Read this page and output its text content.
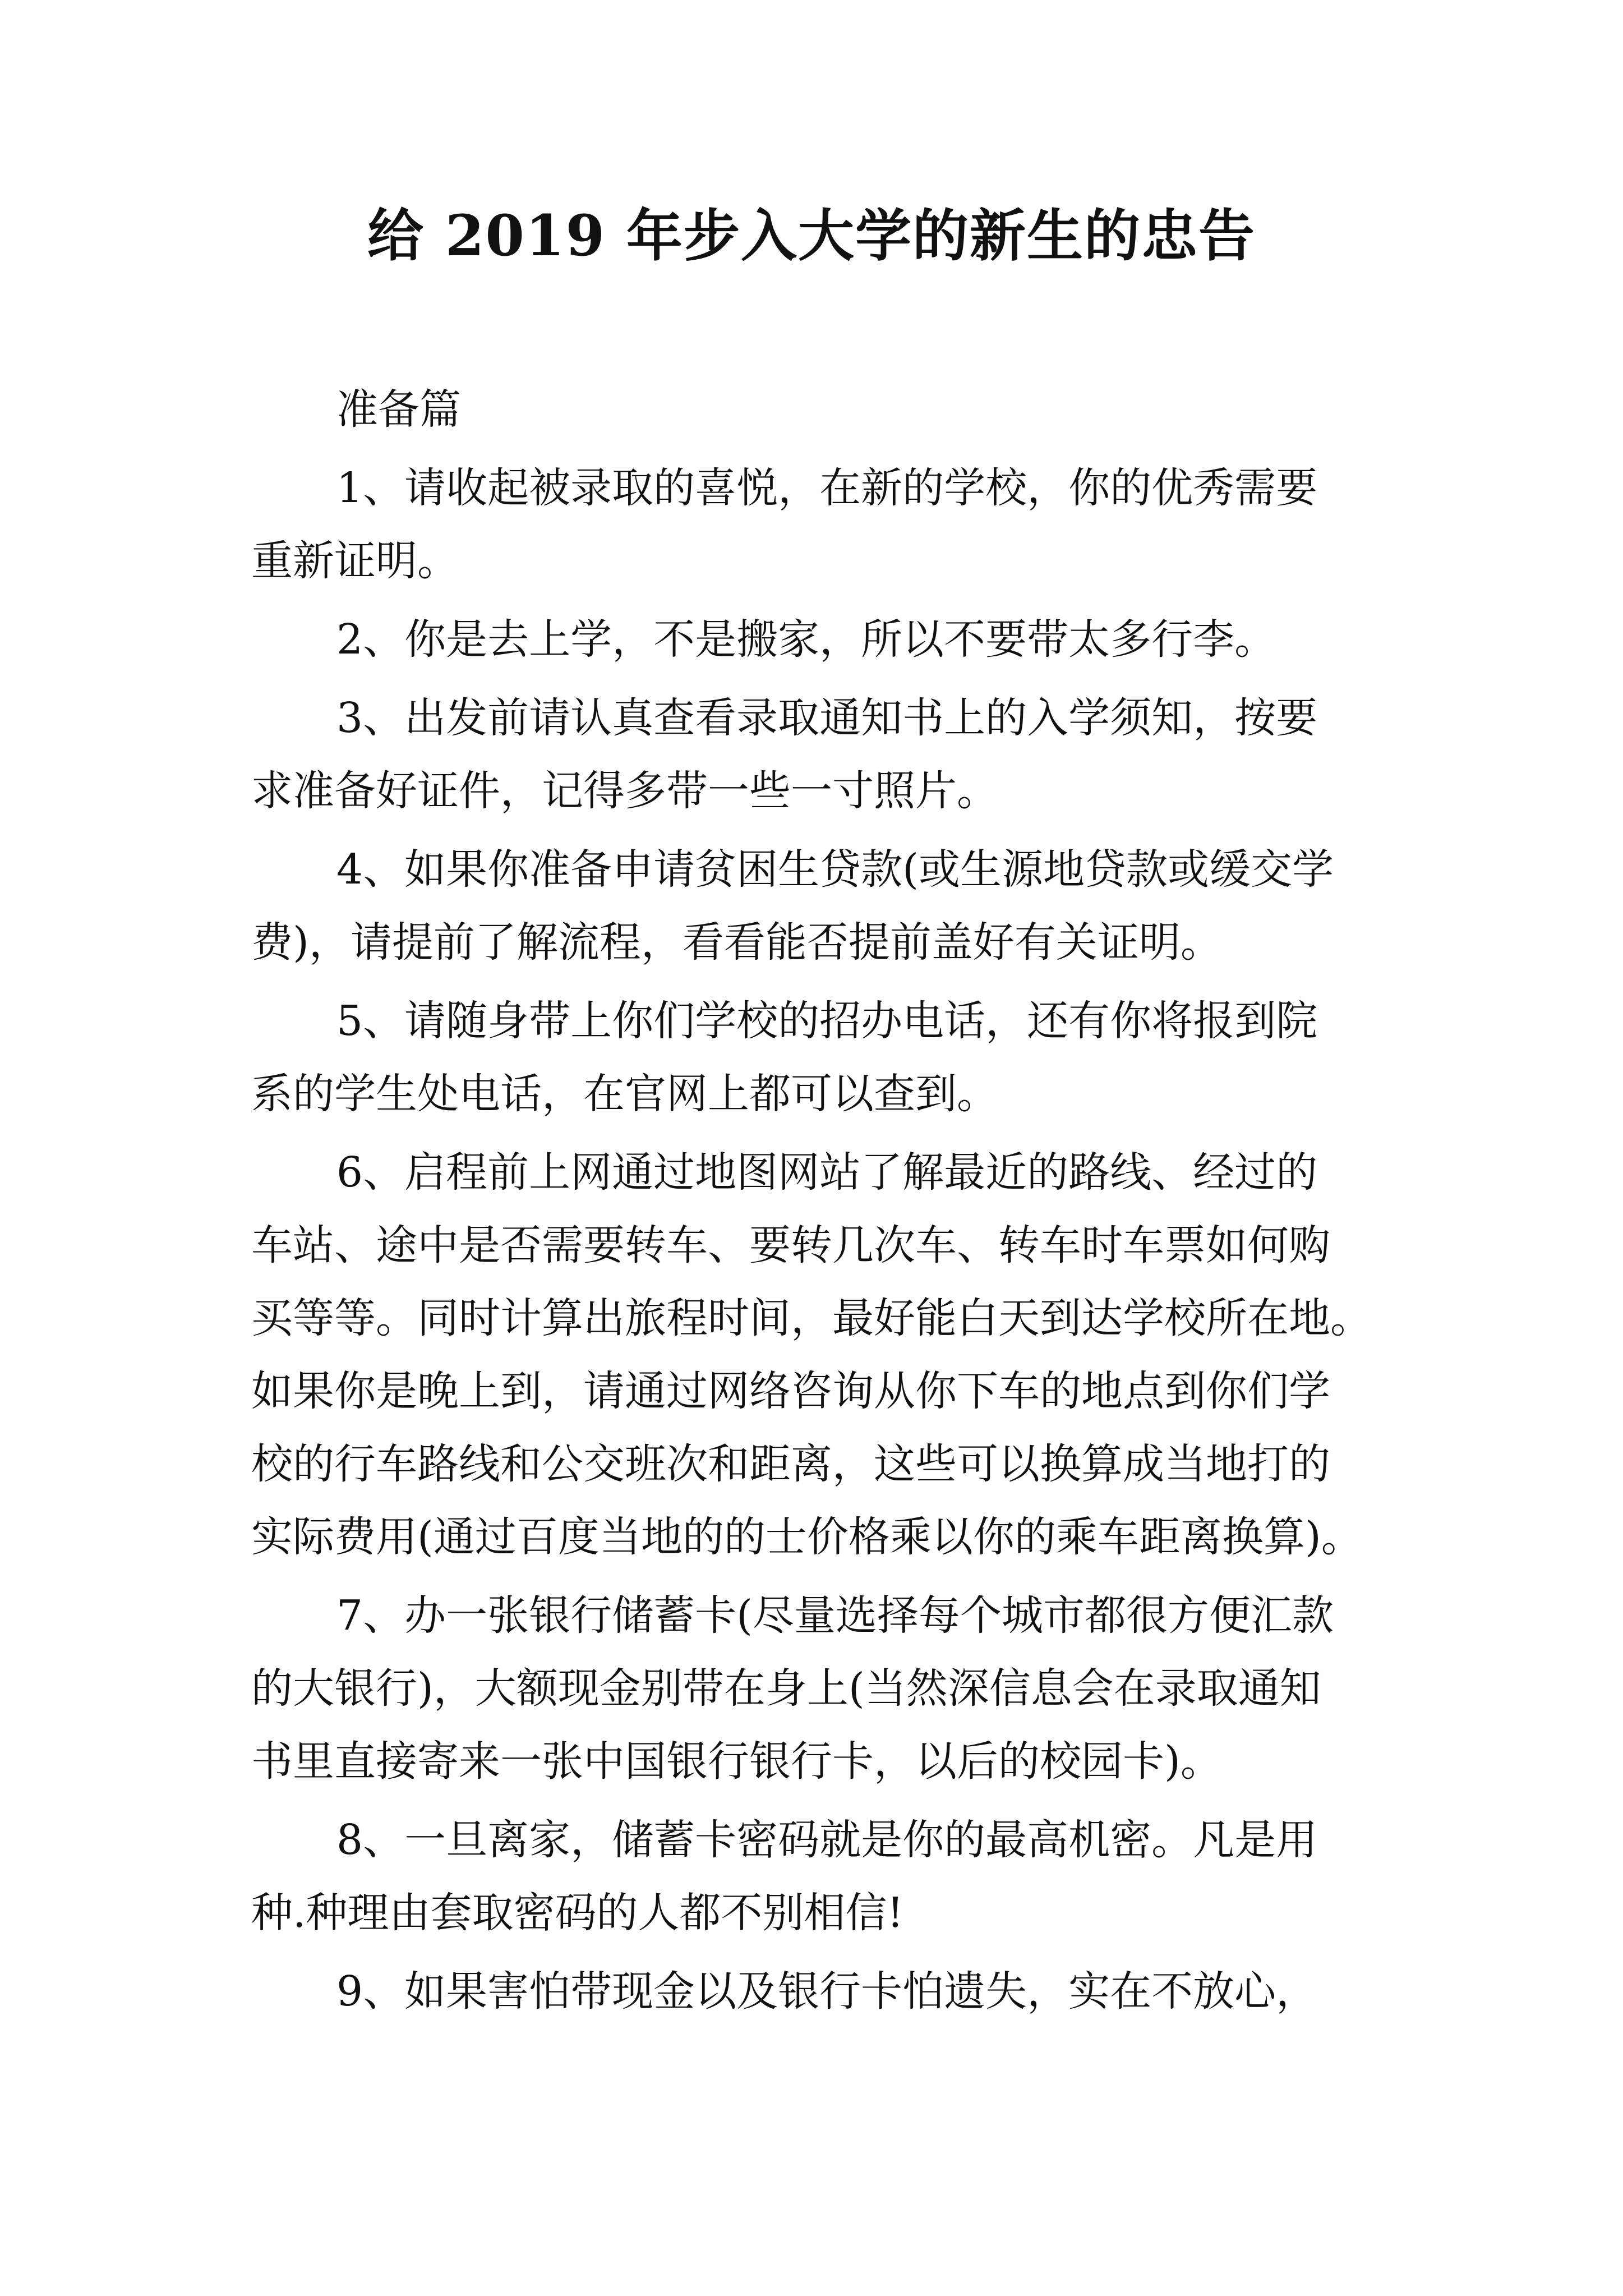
给 2019 年步入大学的新生的忠告

准备篇

1、请收起被录取的喜悦，在新的学校，你的优秀需要

重新证明。

2、你是去上学，不是搬家，所以不要带太多行李。

3、出发前请认真查看录取通知书上的入学须知，按要

求准备好证件，记得多带一些一寸照片。

4、如果你准备申请贫困生贷款(或生源地贷款或缓交学

费)，请提前了解流程，看看能否提前盖好有关证明。

5、请随身带上你们学校的招办电话，还有你将报到院

系的学生处电话，在官网上都可以查到。

6、启程前上网通过地图网站了解最近的路线、经过的

车站、途中是否需要转车、要转几次车、转车时车票如何购

买等等。同时计算出旅程时间，最好能白天到达学校所在地。

如果你是晚上到，请通过网络咨询从你下车的地点到你们学

校的行车路线和公交班次和距离，这些可以换算成当地打的

实际费用(通过百度当地的的士价格乘以你的乘车距离换算)。

7、办一张银行储蓄卡(尽量选择每个城市都很方便汇款

的大银行)，大额现金别带在身上(当然深信息会在录取通知

书里直接寄来一张中国银行银行卡，以后的校园卡)。

8、一旦离家，储蓄卡密码就是你的最高机密。凡是用

种.种理由套取密码的人都不别相信!

9、如果害怕带现金以及银行卡怕遗失，实在不放心，
